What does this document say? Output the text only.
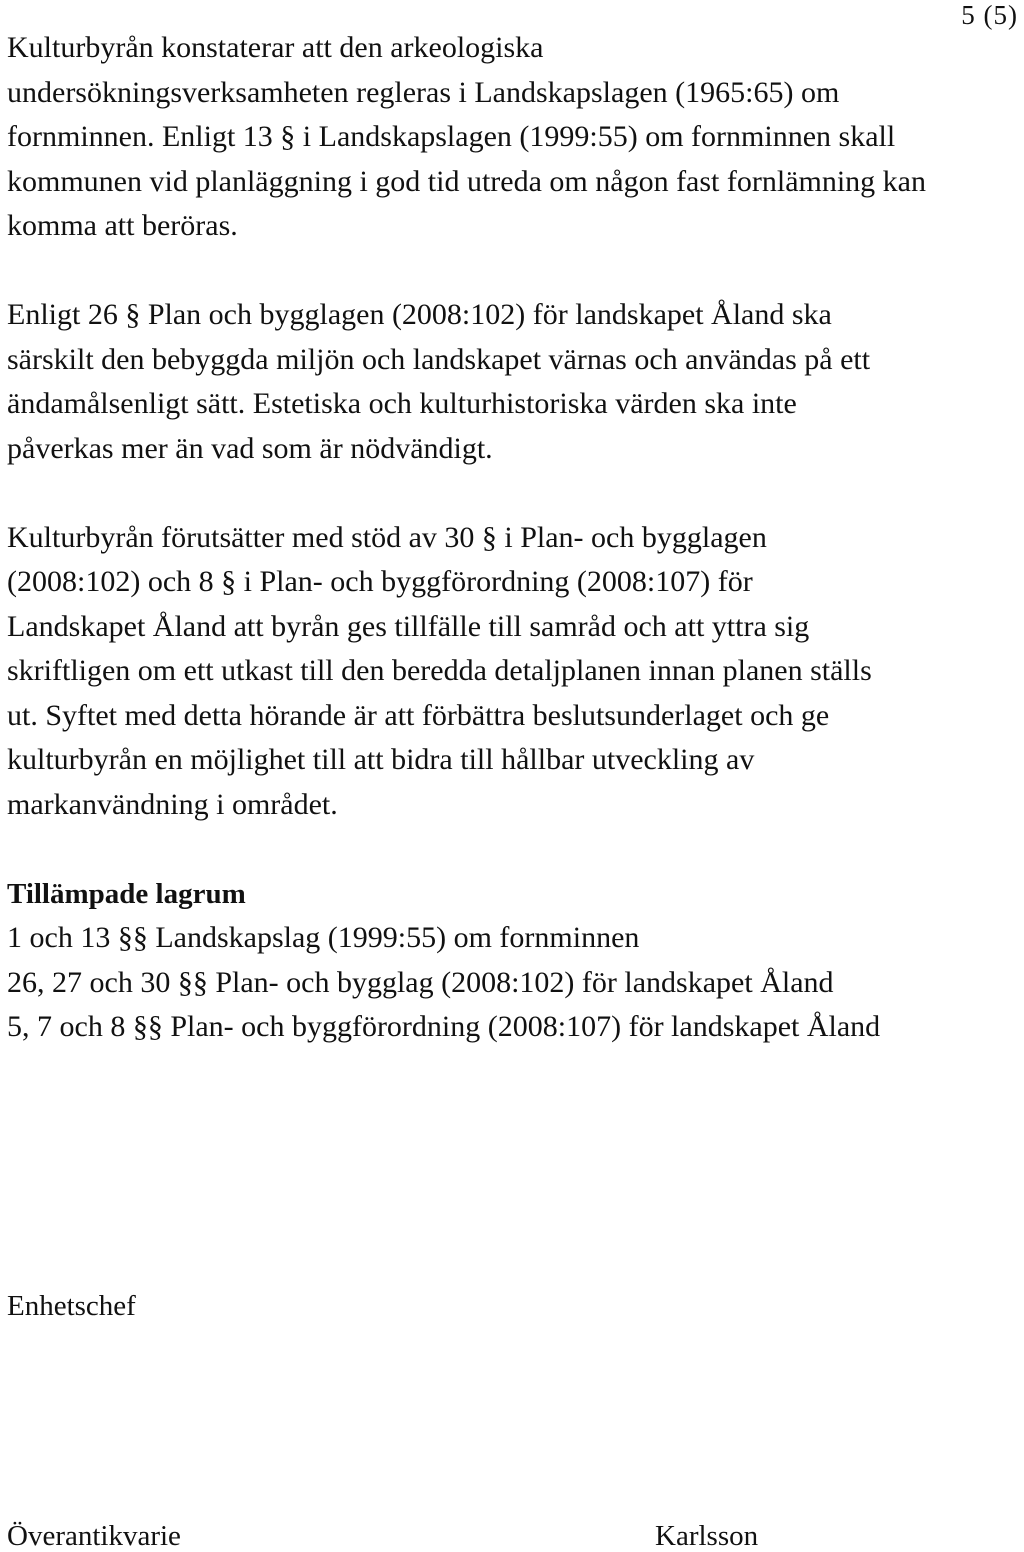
5 (5)

Kulturbyrån konstaterar att den arkeologiska
undersökningsverksamheten regleras i Landskapslagen (1965:65) om
fornminnen. Enligt 13 § i Landskapslagen (1999:55) om fornminnen skall
kommunen vid planläggning i god tid utreda om någon fast fornlämning kan
komma att beröras.

Enligt 26 § Plan och bygglagen (2008:102) för landskapet Åland ska
särskilt den bebyggda miljön och landskapet värnas och användas på ett
ändamålsenligt sätt. Estetiska och kulturhistoriska värden ska inte
påverkas mer än vad som är nödvändigt.

Kulturbyrån förutsätter med stöd av 30 § i Plan- och bygglagen
(2008:102) och 8 § i Plan- och byggförordning (2008:107) för
Landskapet Åland att byrån ges tillfälle till samråd och att yttra sig
skriftligen om ett utkast till den beredda detaljplanen innan planen ställs
ut. Syftet med detta hörande är att förbättra beslutsunderlaget och ge
kulturbyrån en möjlighet till att bidra till hållbar utveckling av
markanvändning i området.

Tillämpade lagrum
1 och 13 §§ Landskapslag (1999:55) om fornminnen
26, 27 och 30 §§ Plan- och bygglag (2008:102) för landskapet Åland
5, 7 och 8 §§ Plan- och byggförordning (2008:107) för landskapet Åland
Enhetschef
Överantikvarie	Karlsson
